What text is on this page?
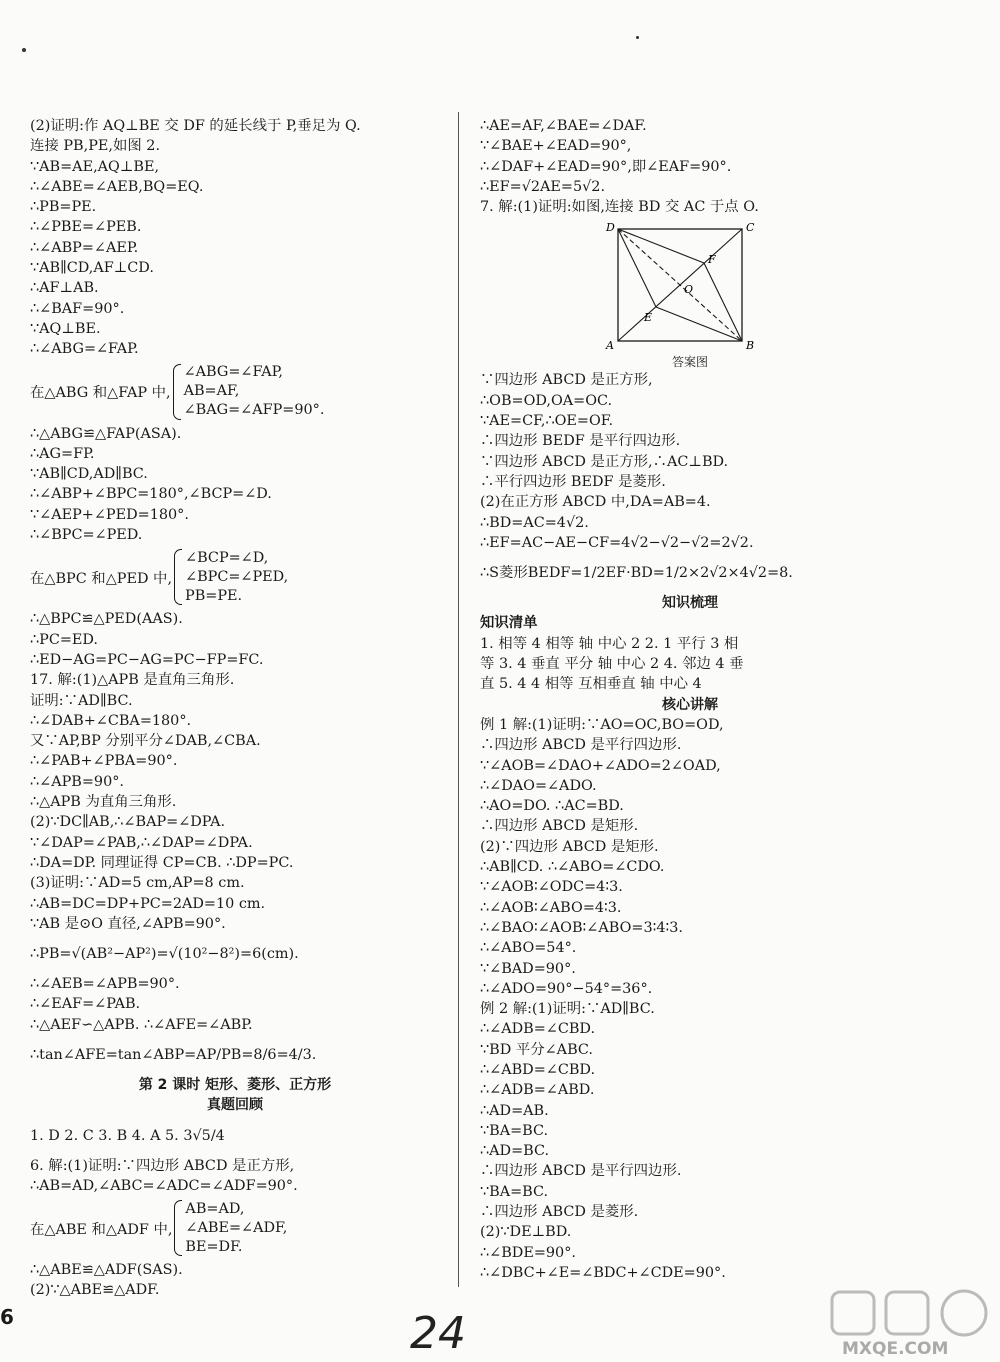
(2)证明:作 AQ⊥BE 交 DF 的延长线于 P,垂足为 Q.
连接 PB,PE,如图 2.
∵AB=AE,AQ⊥BE,
∴∠ABE=∠AEB,BQ=EQ.
∴PB=PE.
∴∠PBE=∠PEB.
∴∠ABP=∠AEP.
∵AB∥CD,AF⊥CD.
∴AF⊥AB.
∴∠BAF=90°.
∵AQ⊥BE.
∴∠ABG=∠FAP.
在△ABG 和△FAP 中,
∠ABG=∠FAP,
AB=AF,
∠BAG=∠AFP=90°.
∴△ABG≌△FAP(ASA).
∴AG=FP.
∵AB∥CD,AD∥BC.
∴∠ABP+∠BPC=180°,∠BCP=∠D.
∵∠AEP+∠PED=180°.
∴∠BPC=∠PED.
在△BPC 和△PED 中,
∠BCP=∠D,
∠BPC=∠PED,
PB=PE.
∴△BPC≌△PED(AAS).
∴PC=ED.
∴ED−AG=PC−AG=PC−FP=FC.
17. 解:(1)△APB 是直角三角形.
证明:∵AD∥BC.
∴∠DAB+∠CBA=180°.
又∵AP,BP 分别平分∠DAB,∠CBA.
∴∠PAB+∠PBA=90°.
∴∠APB=90°.
∴△APB 为直角三角形.
(2)∵DC∥AB,∴∠BAP=∠DPA.
∵∠DAP=∠PAB,∴∠DAP=∠DPA.
∴DA=DP. 同理证得 CP=CB. ∴DP=PC.
(3)证明:∵AD=5 cm,AP=8 cm.
∴AB=DC=DP+PC=2AD=10 cm.
∵AB 是⊙O 直径,∠APB=90°.
∴PB=√(AB²−AP²)=√(10²−8²)=6(cm).
∴∠AEB=∠APB=90°.
∴∠EAF=∠PAB.
∴△AEF∽△APB. ∴∠AFE=∠ABP.
∴tan∠AFE=tan∠ABP=AP/PB=8/6=4/3.
第 2 课时 矩形、菱形、正方形
真题回顾
1. D 2. C 3. B 4. A 5. 3√5/4
6. 解:(1)证明:∵四边形 ABCD 是正方形,
∴AB=AD,∠ABC=∠ADC=∠ADF=90°.
在△ABE 和△ADF 中,
AB=AD,
∠ABE=∠ADF,
BE=DF.
∴△ABE≌△ADF(SAS).
(2)∵△ABE≌△ADF.
∴AE=AF,∠BAE=∠DAF.
∵∠BAE+∠EAD=90°,
∴∠DAF+∠EAD=90°,即∠EAF=90°.
∴EF=√2AE=5√2.
7. 解:(1)证明:如图,连接 BD 交 AC 于点 O.
D	C
A	B
E
F
O
答案图
∵四边形 ABCD 是正方形,
∴OB=OD,OA=OC.
∵AE=CF,∴OE=OF.
∴四边形 BEDF 是平行四边形.
∵四边形 ABCD 是正方形,∴AC⊥BD.
∴平行四边形 BEDF 是菱形.
(2)在正方形 ABCD 中,DA=AB=4.
∴BD=AC=4√2.
∴EF=AC−AE−CF=4√2−√2−√2=2√2.
∴S菱形BEDF=1/2EF·BD=1/2×2√2×4√2=8.
知识梳理
知识清单
1. 相等 4 相等 轴 中心 2 2. 1 平行 3 相
等 3. 4 垂直 平分 轴 中心 2 4. 邻边 4 垂
直 5. 4 4 相等 互相垂直 轴 中心 4
核心讲解
例 1 解:(1)证明:∵AO=OC,BO=OD,
∴四边形 ABCD 是平行四边形.
∵∠AOB=∠DAO+∠ADO=2∠OAD,
∴∠DAO=∠ADO.
∴AO=DO. ∴AC=BD.
∴四边形 ABCD 是矩形.
(2)∵四边形 ABCD 是矩形.
∴AB∥CD. ∴∠ABO=∠CDO.
∵∠AOB∶∠ODC=4∶3.
∴∠AOB∶∠ABO=4∶3.
∴∠BAO∶∠AOB∶∠ABO=3∶4∶3.
∴∠ABO=54°.
∵∠BAD=90°.
∴∠ADO=90°−54°=36°.
例 2 解:(1)证明:∵AD∥BC.
∴∠ADB=∠CBD.
∵BD 平分∠ABC.
∴∠ABD=∠CBD.
∴∠ADB=∠ABD.
∴AD=AB.
∵BA=BC.
∴AD=BC.
∴四边形 ABCD 是平行四边形.
∵BA=BC.
∴四边形 ABCD 是菱形.
(2)∵DE⊥BD.
∴∠BDE=90°.
∴∠DBC+∠E=∠BDC+∠CDE=90°.
6	24	MXQE.COM
